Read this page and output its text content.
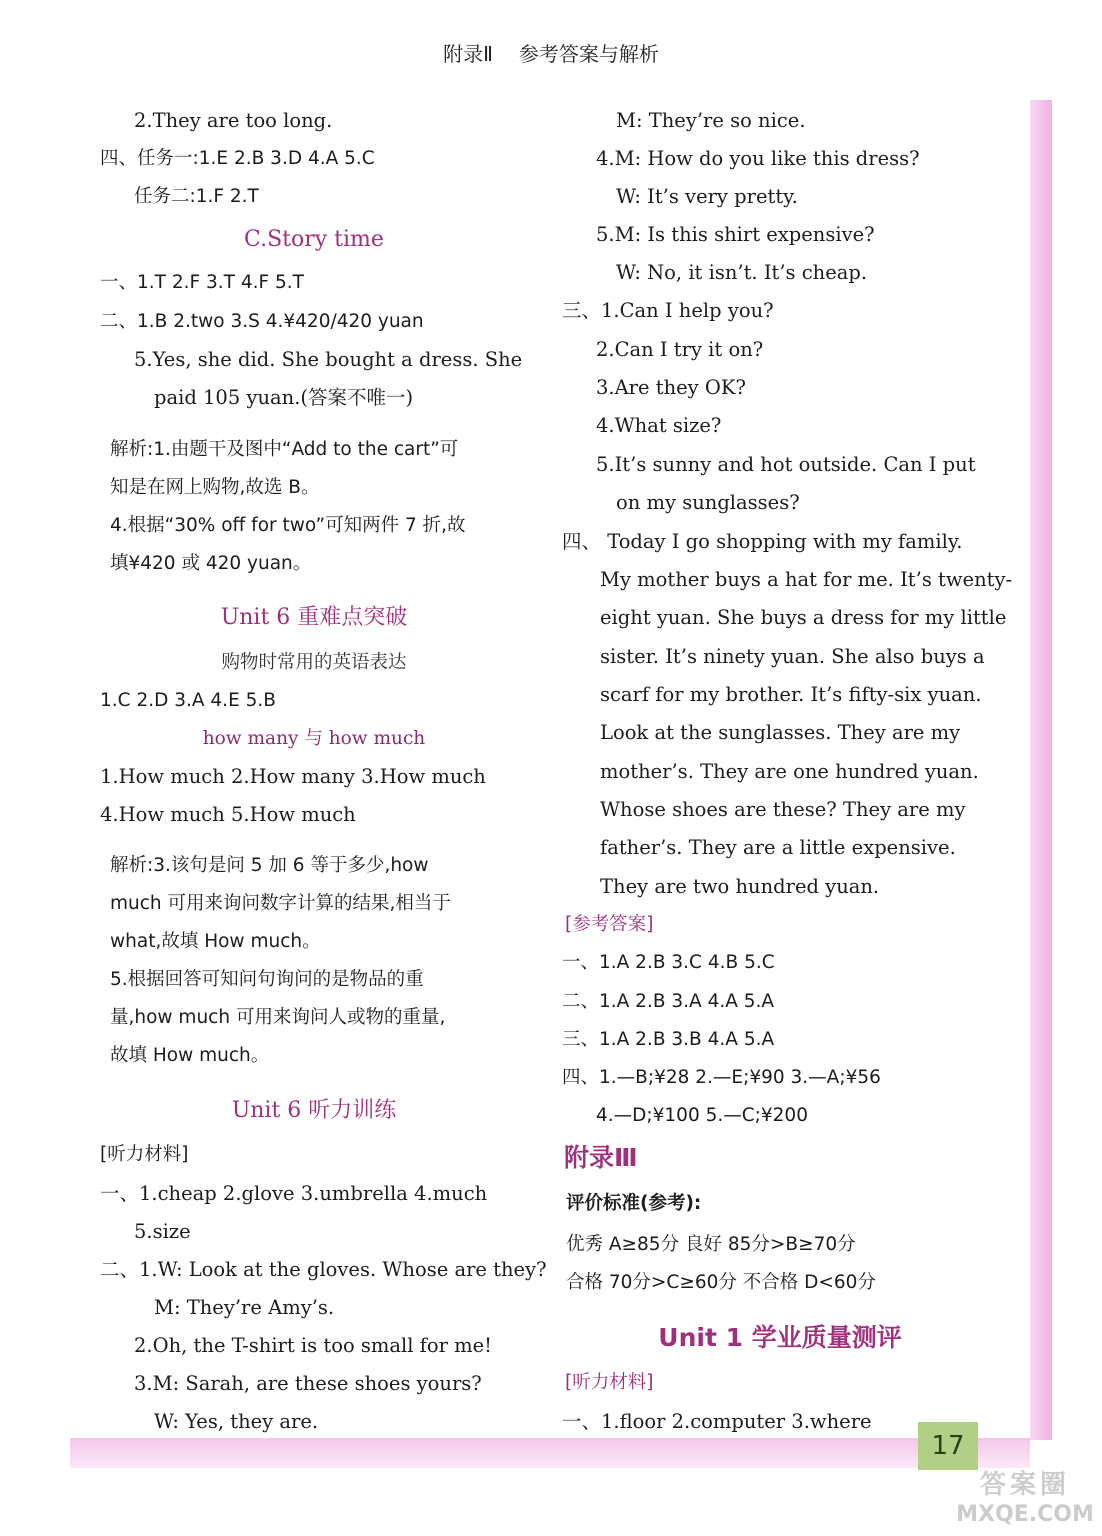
附录Ⅱ 参考答案与解析
17
答案圈
MXQE.COM
2.They are too long.
四、任务一:1.E 2.B 3.D 4.A 5.C
任务二:1.F 2.T
C.Story time
一、1.T 2.F 3.T 4.F 5.T
二、1.B 2.two 3.S 4.¥420/420 yuan
5.Yes, she did. She bought a dress. She
paid 105 yuan.(答案不唯一)
解析:1.由题干及图中“Add to the cart”可
知是在网上购物,故选 B。
4.根据“30% off for two”可知两件 7 折,故
填¥420 或 420 yuan。
Unit 6 重难点突破
购物时常用的英语表达
1.C 2.D 3.A 4.E 5.B
how many 与 how much
1.How much 2.How many 3.How much
4.How much 5.How much
解析:3.该句是问 5 加 6 等于多少,how
much 可用来询问数字计算的结果,相当于
what,故填 How much。
5.根据回答可知问句询问的是物品的重
量,how much 可用来询问人或物的重量,
故填 How much。
Unit 6 听力训练
[听力材料]
一、1.cheap 2.glove 3.umbrella 4.much
5.size
二、1.W: Look at the gloves. Whose are they?
M: They’re Amy’s.
2.Oh, the T-shirt is too small for me!
3.M: Sarah, are these shoes yours?
W: Yes, they are.
M: They’re so nice.
4.M: How do you like this dress?
W: It’s very pretty.
5.M: Is this shirt expensive?
W: No, it isn’t. It’s cheap.
三、1.Can I help you?
2.Can I try it on?
3.Are they OK?
4.What size?
5.It’s sunny and hot outside. Can I put
on my sunglasses?
四、 Today I go shopping with my family.
My mother buys a hat for me. It’s twenty-
eight yuan. She buys a dress for my little
sister. It’s ninety yuan. She also buys a
scarf for my brother. It’s fifty-six yuan.
Look at the sunglasses. They are my
mother’s. They are one hundred yuan.
Whose shoes are these? They are my
father’s. They are a little expensive.
They are two hundred yuan.
[参考答案]
一、1.A 2.B 3.C 4.B 5.C
二、1.A 2.B 3.A 4.A 5.A
三、1.A 2.B 3.B 4.A 5.A
四、1.—B;¥28 2.—E;¥90 3.—A;¥56
4.—D;¥100 5.—C;¥200
附录Ⅲ
评价标准(参考):
优秀 A≥85分 良好 85分>B≥70分
合格 70分>C≥60分 不合格 D<60分
Unit 1 学业质量测评
[听力材料]
一、1.floor 2.computer 3.where
